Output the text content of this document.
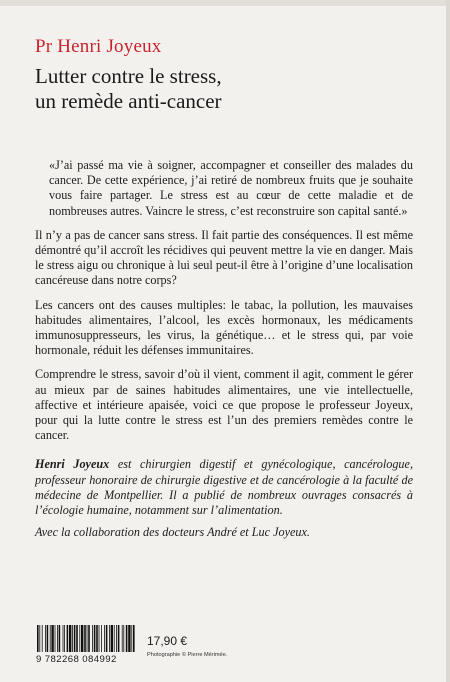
Pr Henri Joyeux
Lutter contre le stress,
un remède anti-cancer

«J’ai passé ma vie à soigner, accompagner et conseiller des malades du cancer. De cette expérience, j’ai retiré de nombreux fruits que je souhaite vous faire partager. Le stress est au cœur de cette maladie et de nombreuses autres. Vaincre le stress, c’est reconstruire son capital santé.»

Il n’y a pas de cancer sans stress. Il fait partie des conséquences. Il est même démontré qu’il accroît les récidives qui peuvent mettre la vie en danger. Mais le stress aigu ou chronique à lui seul peut-il être à l’origine d’une localisation cancéreuse dans notre corps?

Les cancers ont des causes multiples: le tabac, la pollution, les mauvaises habitudes alimentaires, l’alcool, les excès hormonaux, les médicaments immunosuppresseurs, les virus, la génétique… et le stress qui, par voie hormonale, réduit les défenses immunitaires.

Comprendre le stress, savoir d’où il vient, comment il agit, comment le gérer au mieux par de saines habitudes alimentaires, une vie intellectuelle, affective et intérieure apaisée, voici ce que propose le professeur Joyeux, pour qui la lutte contre le stress est l’un des premiers remèdes contre le cancer.

Henri Joyeux est chirurgien digestif et gynécologique, cancérologue, professeur honoraire de chirurgie digestive et de cancérologie à la faculté de médecine de Montpellier. Il a publié de nombreux ouvrages consacrés à l’écologie humaine, notamment sur l’alimentation.

Avec la collaboration des docteurs André et Luc Joyeux.

9 782268 084992
17,90 €
Photographie © Pierre Mérimée.
